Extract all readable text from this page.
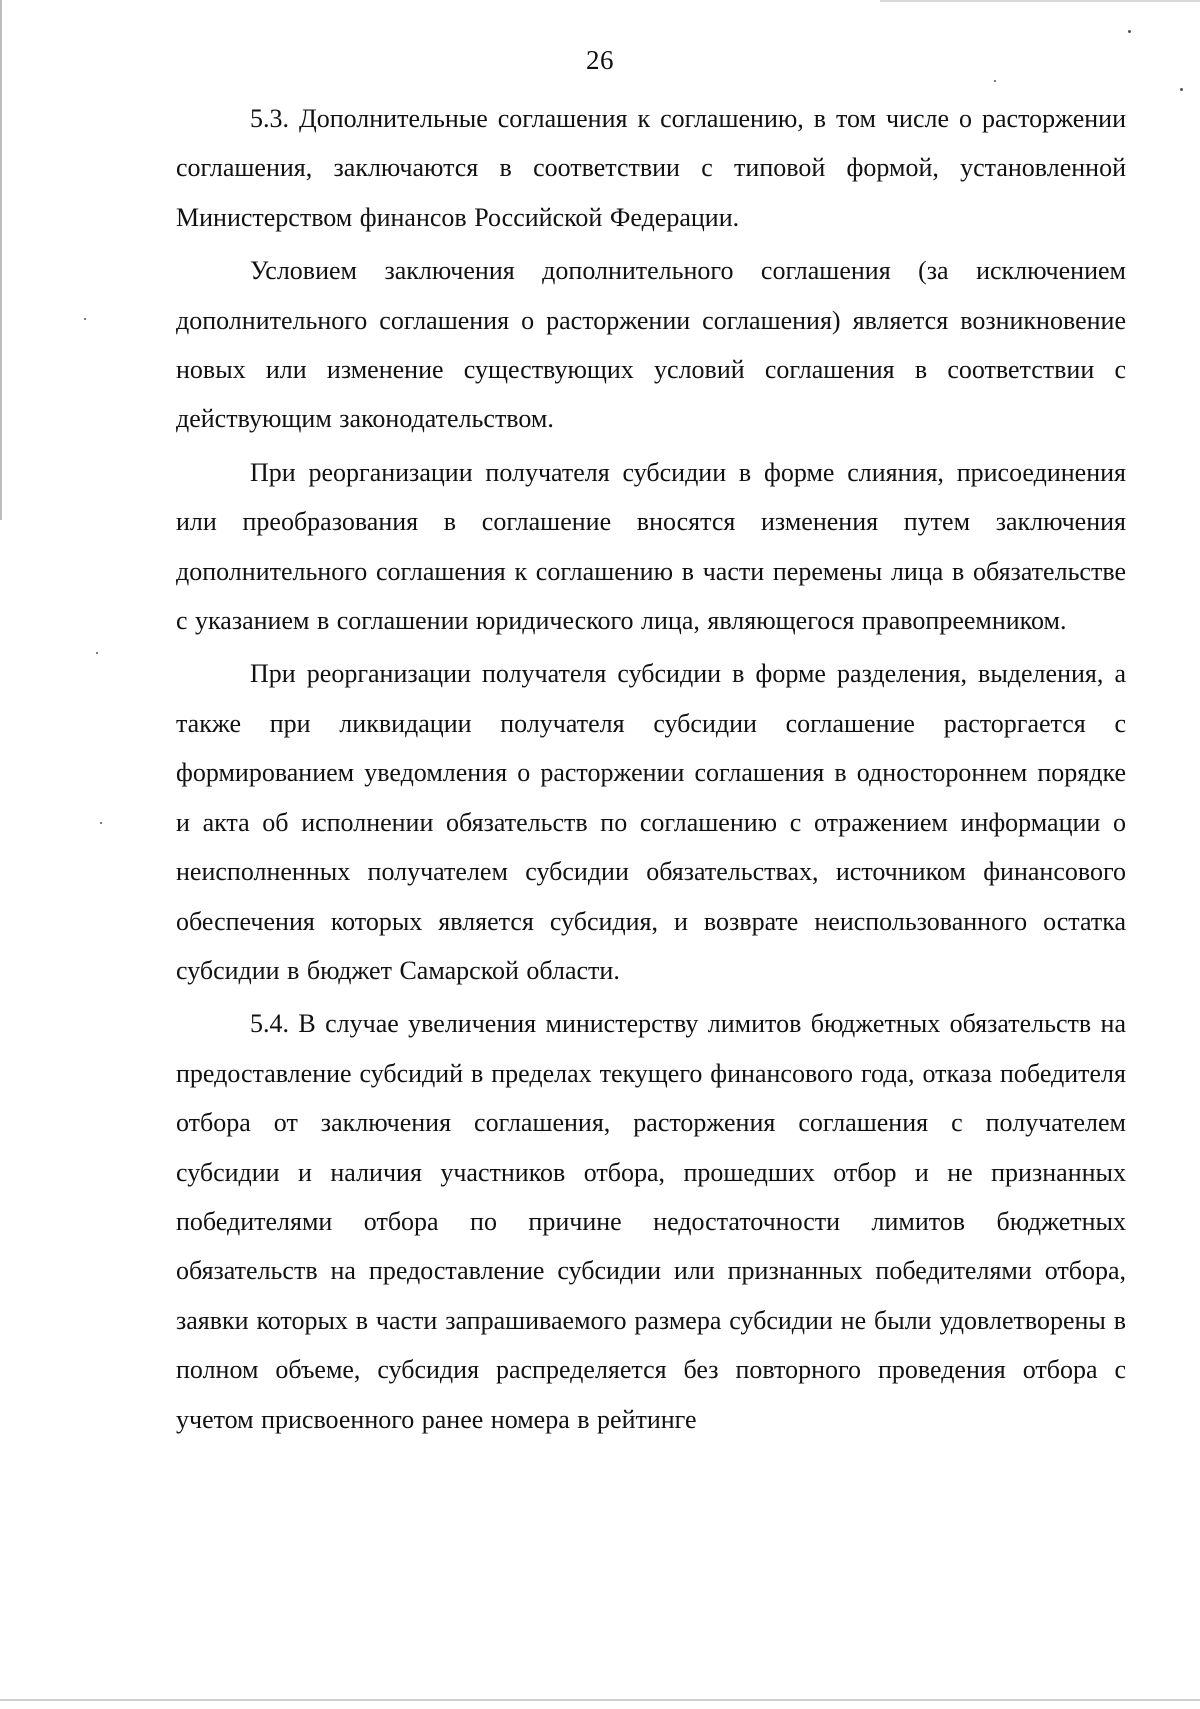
26

5.3. Дополнительные соглашения к соглашению, в том числе о расторжении соглашения, заключаются в соответствии с типовой формой, установленной Министерством финансов Российской Федерации.

Условием заключения дополнительного соглашения (за исключением дополнительного соглашения о расторжении соглашения) является возникновение новых или изменение существующих условий соглашения в соответствии с действующим законодательством.

При реорганизации получателя субсидии в форме слияния, присоединения или преобразования в соглашение вносятся изменения путем заключения дополнительного соглашения к соглашению в части перемены лица в обязательстве с указанием в соглашении юридического лица, являющегося правопреемником.

При реорганизации получателя субсидии в форме разделения, выделения, а также при ликвидации получателя субсидии соглашение расторгается с формированием уведомления о расторжении соглашения в одностороннем порядке и акта об исполнении обязательств по соглашению с отражением информации о неисполненных получателем субсидии обязательствах, источником финансового обеспечения которых является субсидия, и возврате неиспользованного остатка субсидии в бюджет Самарской области.

5.4. В случае увеличения министерству лимитов бюджетных обязательств на предоставление субсидий в пределах текущего финансового года, отказа победителя отбора от заключения соглашения, расторжения соглашения с получателем субсидии и наличия участников отбора, прошедших отбор и не признанных победителями отбора по причине недостаточности лимитов бюджетных обязательств на предоставление субсидии или признанных победителями отбора, заявки которых в части запрашиваемого размера субсидии не были удовлетворены в полном объеме, субсидия распределяется без повторного проведения отбора с учетом присвоенного ранее номера в рейтинге
